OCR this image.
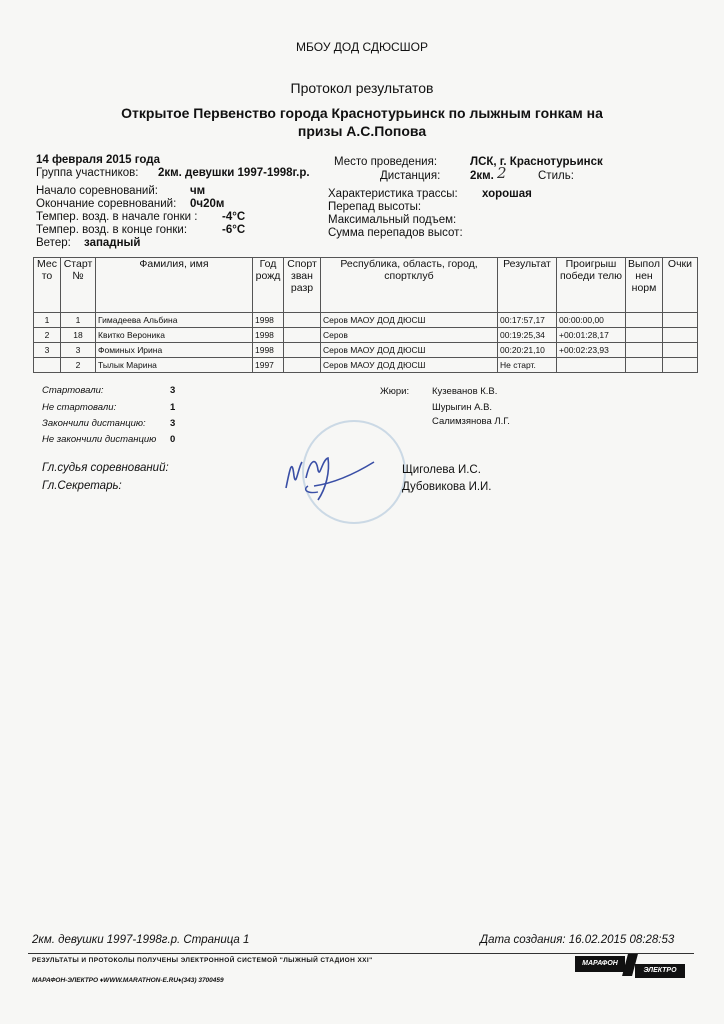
МБОУ ДОД СДЮСШОР
Протокол результатов
Открытое Первенство города Краснотурьинск по лыжным гонкам на
призы А.С.Попова
14 февраля 2015 года
Группа участников: 2км. девушки 1997-1998г.р.
Место проведения:	ЛСК, г. Краснотурьинск
Дистанция:	2км. 2	Стиль:
Начало соревнований:	чм
Окончание соревнований: 0ч20м
Темпер. возд. в начале гонки : -4°С
Темпер. возд. в конце гонки:	-6°С
Ветер: западный
Характеристика трассы: хорошая
Перепад высоты:
Максимальный подъем:
Сумма перепадов высот:
Мес то	Старт №	Фамилия, имя	Год рожд	Спорт зван разр	Республика, область, город, спортклуб	Результат	Проигрыш победи телю	Выпол нен норм	Очки
1	1	Гимадеева Альбина	1998		Серов МАОУ ДОД ДЮСШ	00:17:57,17	00:00:00,00		
2	18	Квитко Вероника	1998		Серов	00:19:25,34	+00:01:28,17		
3	3	Фоминых Ирина	1998		Серов МАОУ ДОД ДЮСШ	00:20:21,10	+00:02:23,93		
	2	Тылык Марина	1997		Серов МАОУ ДОД ДЮСШ	Не старт.			
Стартовали:	3
Не стартовали:	1
Закончили дистанцию:	3
Не закончили дистанцию 0
Жюри: Кузеванов К.В.
Шурыгин А.В.
Салимзянова Л.Г.
Гл.судья соревнований:
Гл.Секретарь:
Щиголева И.С.
Дубовикова И.И.
2км. девушки 1997-1998г.р. Страница 1	Дата создания: 16.02.2015 08:28:53
РЕЗУЛЬТАТЫ И ПРОТОКОЛЫ ПОЛУЧЕНЫ ЭЛЕКТРОННОЙ СИСТЕМОЙ "ЛЫЖНЫЙ СТАДИОН XXI"
МАРАФОН-ЭЛЕКТРО ♦WWW.MARATHON-E.RU♦(343) 3700459
МАРАФОН
ЭЛЕКТРО
